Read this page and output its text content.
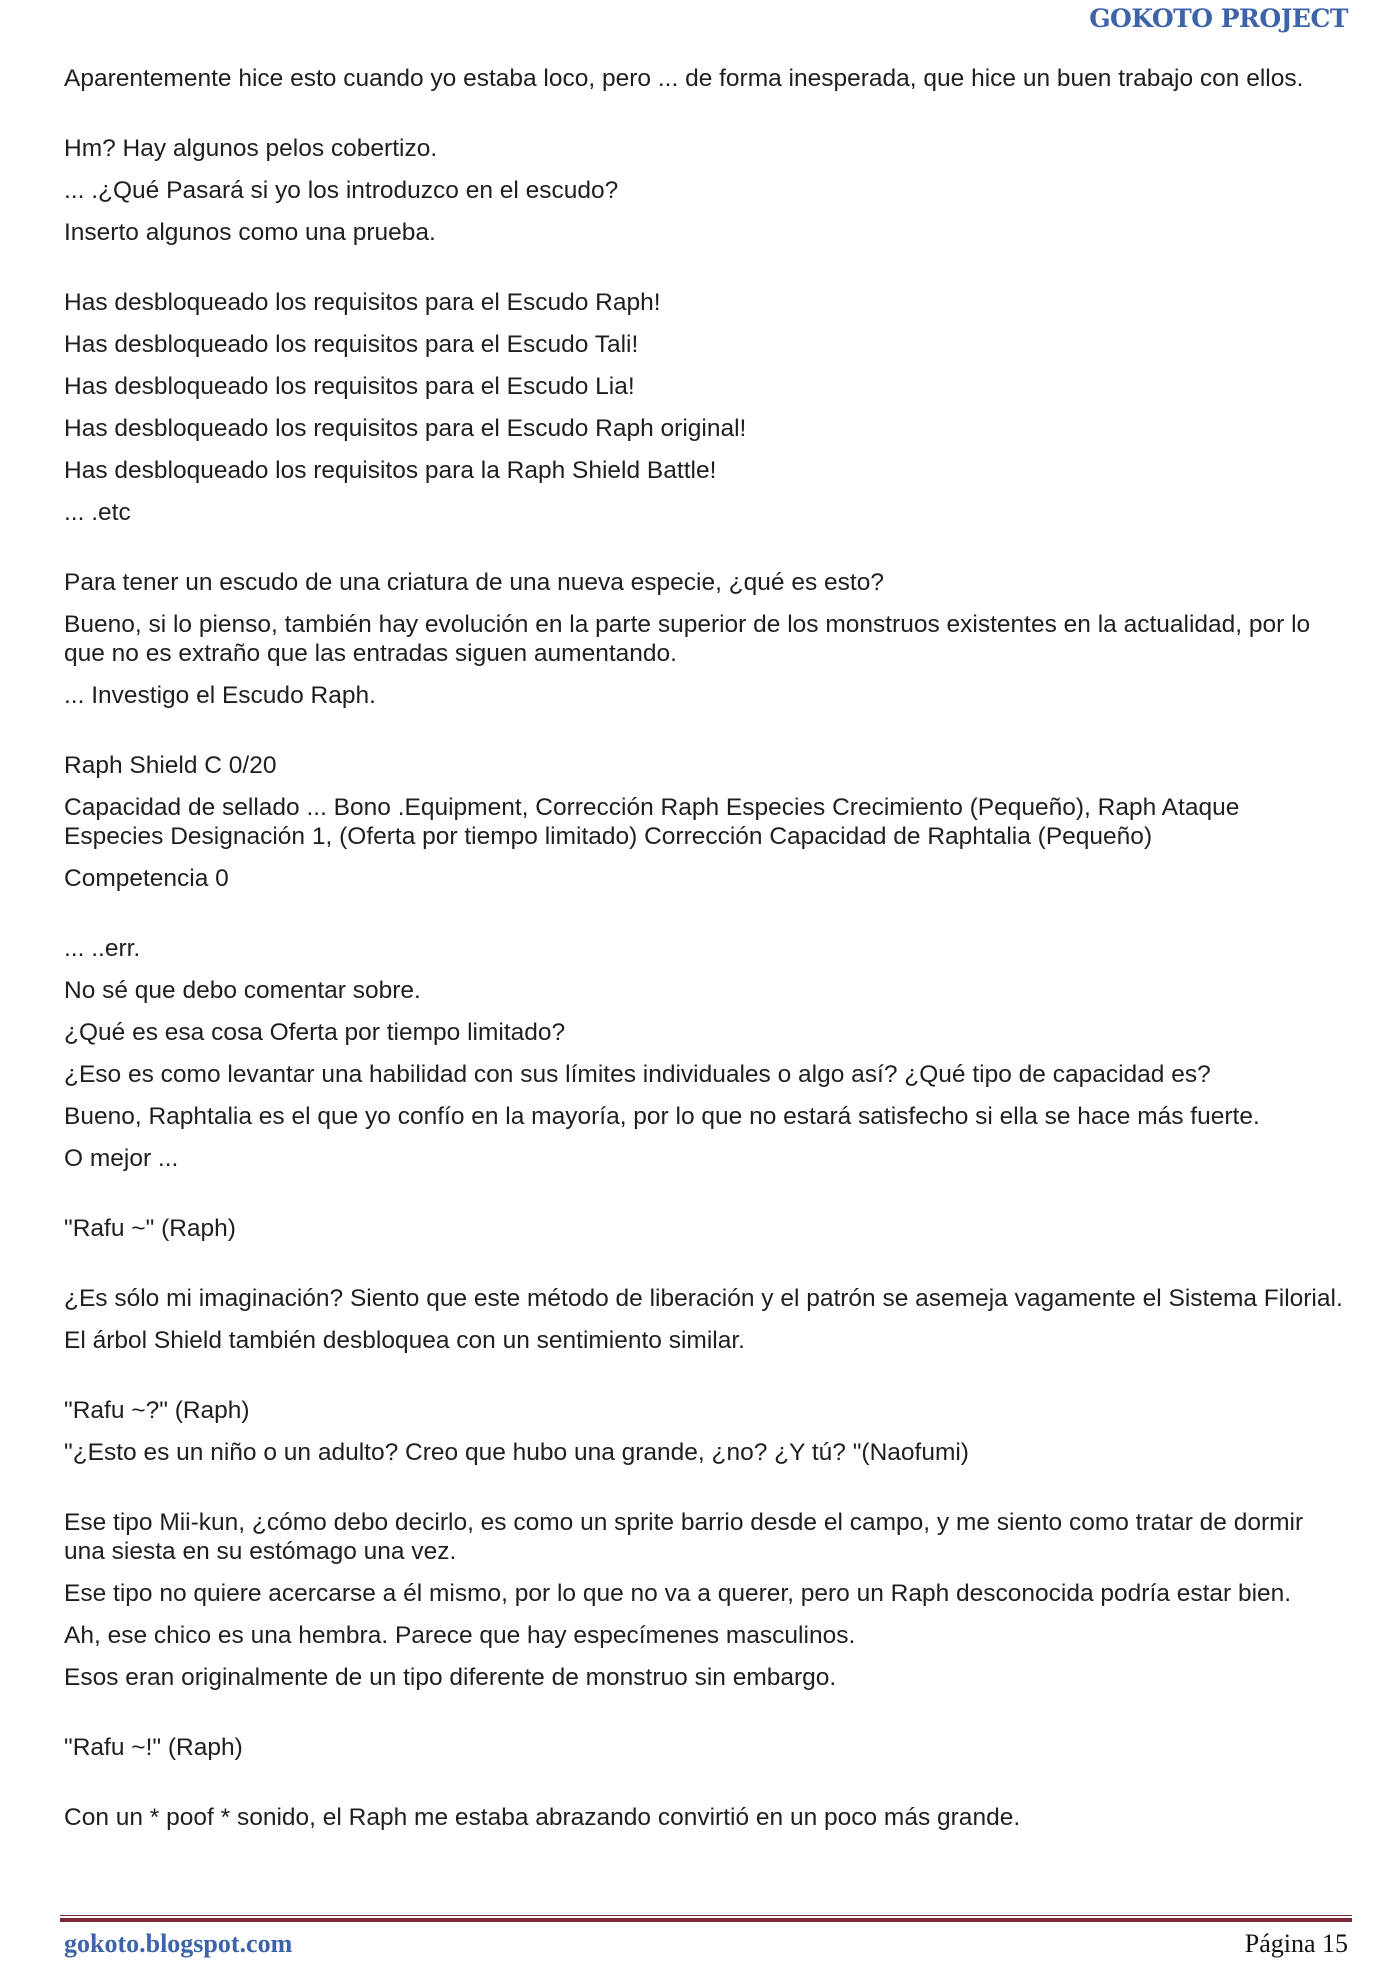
GOKOTO PROJECT

Aparentemente hice esto cuando yo estaba loco, pero ... de forma inesperada, que hice un buen trabajo con ellos.

Hm? Hay algunos pelos cobertizo.

... .¿Qué Pasará si yo los introduzco en el escudo?

Inserto algunos como una prueba.

Has desbloqueado los requisitos para el Escudo Raph!

Has desbloqueado los requisitos para el Escudo Tali!

Has desbloqueado los requisitos para el Escudo Lia!

Has desbloqueado los requisitos para el Escudo Raph original!

Has desbloqueado los requisitos para la Raph Shield Battle!

... .etc

Para tener un escudo de una criatura de una nueva especie, ¿qué es esto?

Bueno, si lo pienso, también hay evolución en la parte superior de los monstruos existentes en la actualidad, por lo que no es extraño que las entradas siguen aumentando.

... Investigo el Escudo Raph.

Raph Shield C 0/20

Capacidad de sellado ... Bono .Equipment, Corrección Raph Especies Crecimiento (Pequeño), Raph Ataque Especies Designación 1, (Oferta por tiempo limitado) Corrección Capacidad de Raphtalia (Pequeño)

Competencia 0

... ..err.

No sé que debo comentar sobre.

¿Qué es esa cosa Oferta por tiempo limitado?

¿Eso es como levantar una habilidad con sus límites individuales o algo así? ¿Qué tipo de capacidad es?

Bueno, Raphtalia es el que yo confío en la mayoría, por lo que no estará satisfecho si ella se hace más fuerte.

O mejor ...

"Rafu ~" (Raph)

¿Es sólo mi imaginación? Siento que este método de liberación y el patrón se asemeja vagamente el Sistema Filorial.

El árbol Shield también desbloquea con un sentimiento similar.

"Rafu ~?" (Raph)

"¿Esto es un niño o un adulto? Creo que hubo una grande, ¿no? ¿Y tú? "(Naofumi)

Ese tipo Mii-kun, ¿cómo debo decirlo, es como un sprite barrio desde el campo, y me siento como tratar de dormir una siesta en su estómago una vez.

Ese tipo no quiere acercarse a él mismo, por lo que no va a querer, pero un Raph desconocida podría estar bien.

Ah, ese chico es una hembra. Parece que hay especímenes masculinos.

Esos eran originalmente de un tipo diferente de monstruo sin embargo.

"Rafu ~!" (Raph)

Con un * poof * sonido, el Raph me estaba abrazando convirtió en un poco más grande.

gokoto.blogspot.com	Página 15
